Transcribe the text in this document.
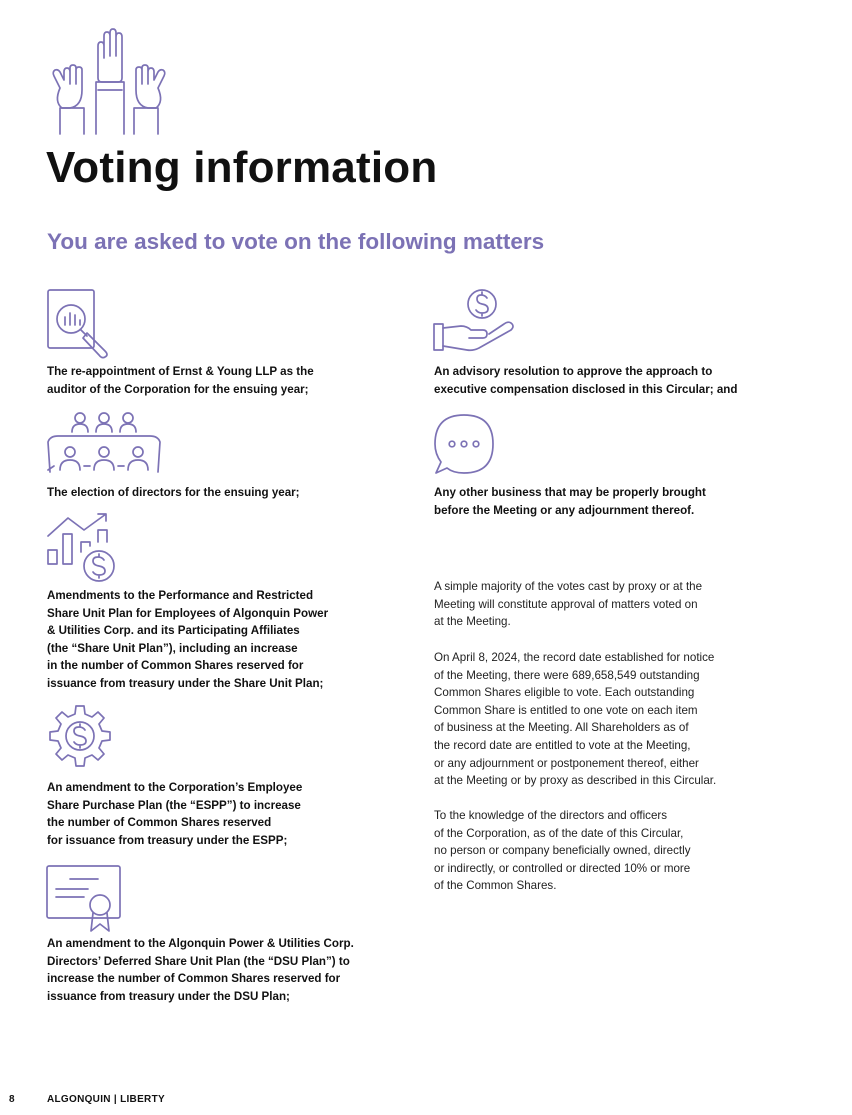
Voting information
You are asked to vote on the following matters
The re-appointment of Ernst & Young LLP as the
auditor of the Corporation for the ensuing year;
The election of directors for the ensuing year;
Amendments to the Performance and Restricted
Share Unit Plan for Employees of Algonquin Power
& Utilities Corp. and its Participating Affiliates
(the “Share Unit Plan”), including an increase
in the number of Common Shares reserved for
issuance from treasury under the Share Unit Plan;
An amendment to the Corporation’s Employee
Share Purchase Plan (the “ESPP”) to increase
the number of Common Shares reserved
for issuance from treasury under the ESPP;
An amendment to the Algonquin Power & Utilities Corp.
Directors’ Deferred Share Unit Plan (the “DSU Plan”) to
increase the number of Common Shares reserved for
issuance from treasury under the DSU Plan;
An advisory resolution to approve the approach to
executive compensation disclosed in this Circular; and
Any other business that may be properly brought
before the Meeting or any adjournment thereof.
A simple majority of the votes cast by proxy or at the
Meeting will constitute approval of matters voted on
at the Meeting.
On April 8, 2024, the record date established for notice
of the Meeting, there were 689,658,549 outstanding
Common Shares eligible to vote. Each outstanding
Common Share is entitled to one vote on each item
of business at the Meeting. All Shareholders as of
the record date are entitled to vote at the Meeting,
or any adjournment or postponement thereof, either
at the Meeting or by proxy as described in this Circular.
To the knowledge of the directors and officers
of the Corporation, as of the date of this Circular,
no person or company beneficially owned, directly
or indirectly, or controlled or directed 10% or more
of the Common Shares.
8	ALGONQUIN | LIBERTY
